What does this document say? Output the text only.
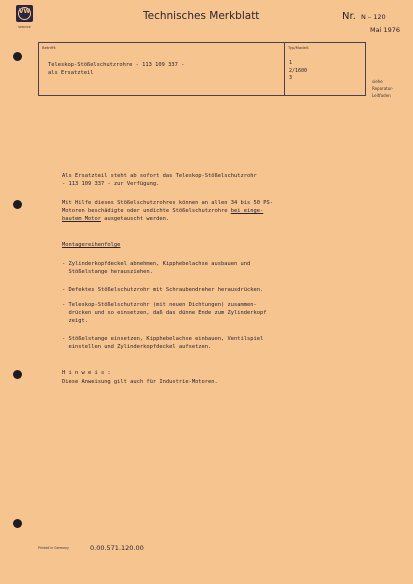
VW
SERVICE
Technisches Merkblatt	Nr. N – 120
Mai 1976
Betrifft:
Teleskop-Stößelschutzrohre - 113 109 337 -
als Ersatzteil
Typ/Modell:
1
2/1600
3
siehe
Reparatur-
Leitfaden
Als Ersatzteil steht ab sofort das Teleskop-Stößelschutzrohr
- 113 109 337 - zur Verfügung.
Mit Hilfe dieses Stößelschutzrohres können an allen 34 bis 50 PS-
Motoren beschädigte oder undichte Stößelschutzrohre bei einge-
bautem Motor ausgetauscht werden.
Montagereihenfolge
- Zylinderkopfdeckel abnehmen, Kipphebelachse ausbauen und
Stößelstange herausziehen.
- Defektes Stößelschutzrohr mit Schraubendreher herausdrücken.
- Teleskop-Stößelschutzrohr (mit neuen Dichtungen) zusammen-
drücken und so einsetzen, daß das dünne Ende zum Zylinderkopf
zeigt.
- Stößelstange einsetzen, Kipphebelachse einbauen, Ventilspiel
einstellen und Zylinderkopfdeckel aufsetzen.
H i n w e i s :
Diese Anweisung gilt auch für Industrie-Motoren.
Printed in Germany	0.00.571.120.00
